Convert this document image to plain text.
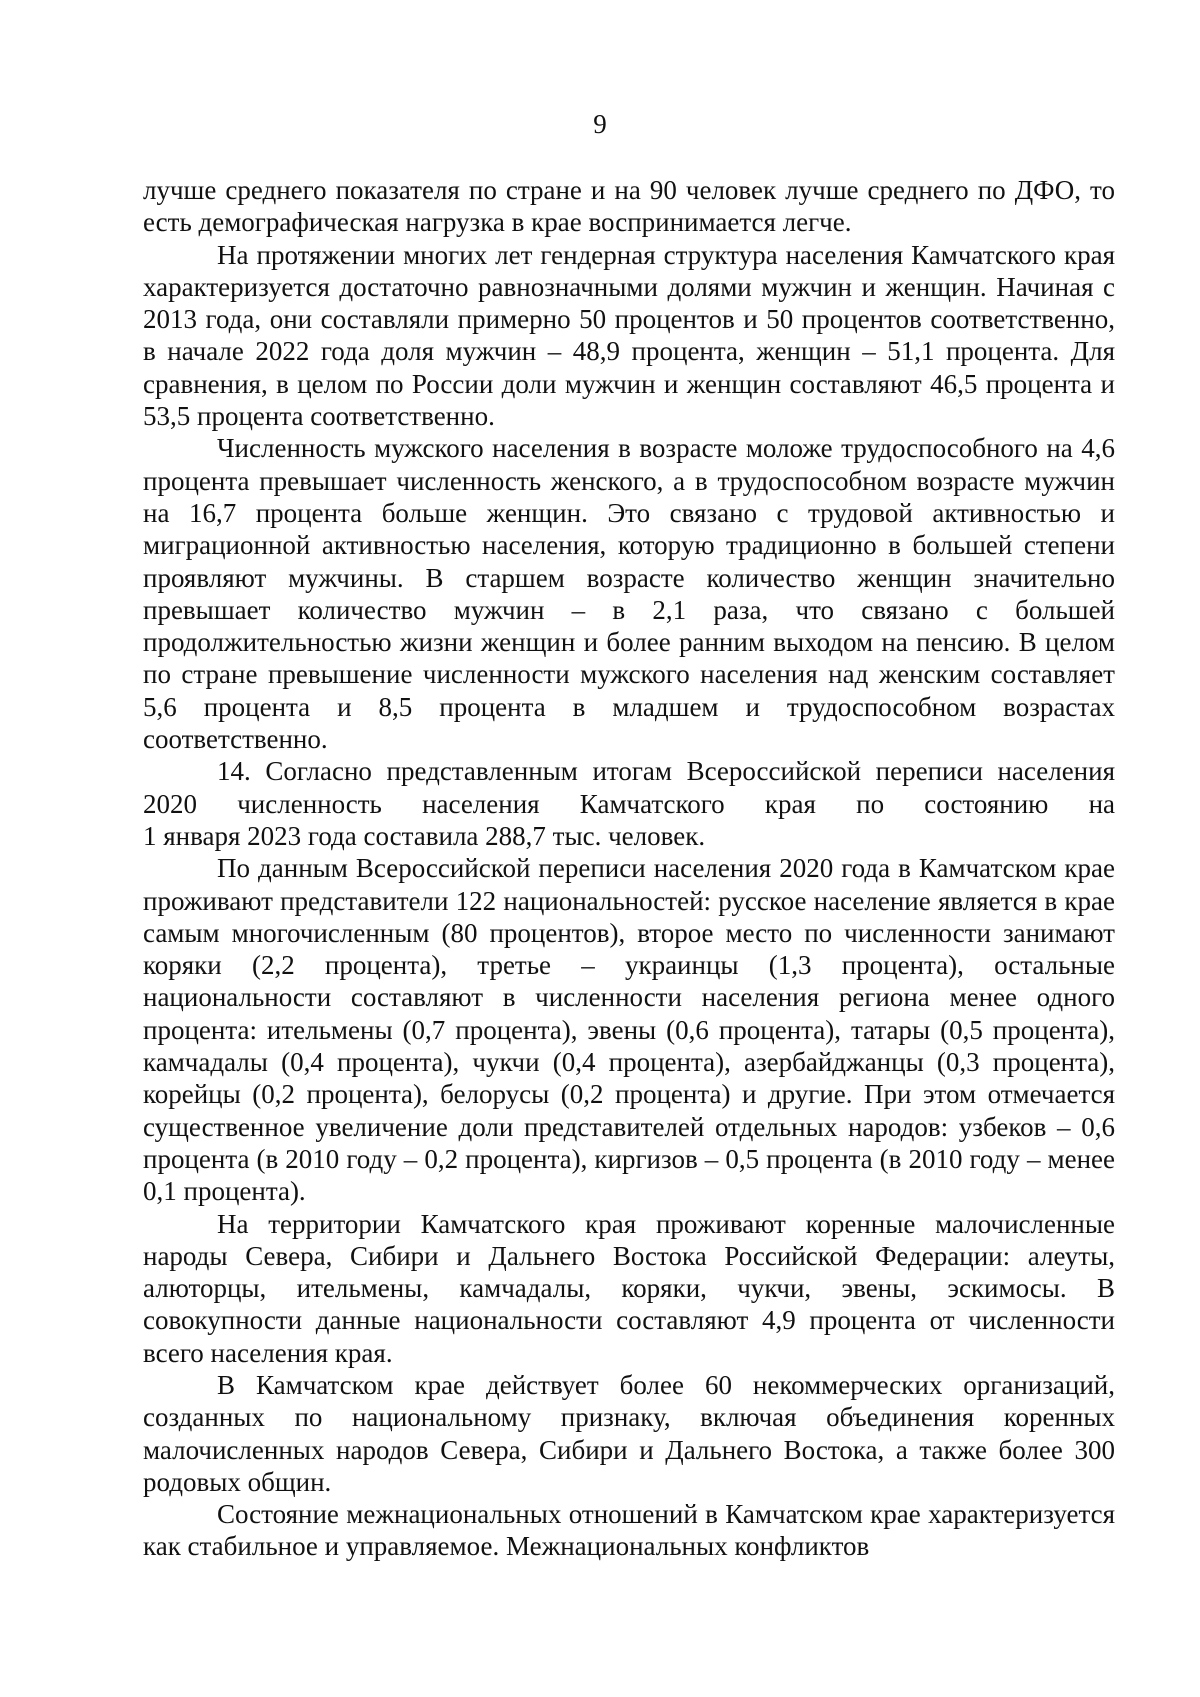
9

лучше среднего показателя по стране и на 90 человек лучше среднего по ДФО, то есть демографическая нагрузка в крае воспринимается легче.

На протяжении многих лет гендерная структура населения Камчатского края характеризуется достаточно равнозначными долями мужчин и женщин. Начиная с 2013 года, они составляли примерно 50 процентов и 50 процентов соответственно, в начале 2022 года доля мужчин – 48,9 процента, женщин – 51,1 процента. Для сравнения, в целом по России доли мужчин и женщин составляют 46,5 процента и 53,5 процента соответственно.

Численность мужского населения в возрасте моложе трудоспособного на 4,6 процента превышает численность женского, а в трудоспособном возрасте мужчин на 16,7 процента больше женщин. Это связано с трудовой активностью и миграционной активностью населения, которую традиционно в большей степени проявляют мужчины. В старшем возрасте количество женщин значительно превышает количество мужчин – в 2,1 раза, что связано с большей продолжительностью жизни женщин и более ранним выходом на пенсию. В целом по стране превышение численности мужского населения над женским составляет 5,6 процента и 8,5 процента в младшем и трудоспособном возрастах соответственно.

14. Согласно представленным итогам Всероссийской переписи населения 2020 численность населения Камчатского края по состоянию на

1 января 2023 года составила 288,7 тыс. человек.

По данным Всероссийской переписи населения 2020 года в Камчатском крае проживают представители 122 национальностей: русское население является в крае самым многочисленным (80 процентов), второе место по численности занимают коряки (2,2 процента), третье – украинцы (1,3 процента), остальные национальности составляют в численности населения региона менее одного процента: ительмены (0,7 процента), эвены (0,6 процента), татары (0,5 процента), камчадалы (0,4 процента), чукчи (0,4 процента), азербайджанцы (0,3 процента), корейцы (0,2 процента), белорусы (0,2 процента) и другие. При этом отмечается существенное увеличение доли представителей отдельных народов: узбеков – 0,6 процента (в 2010 году – 0,2 процента), киргизов – 0,5 процента (в 2010 году – менее 0,1 процента).

На территории Камчатского края проживают коренные малочисленные народы Севера, Сибири и Дальнего Востока Российской Федерации: алеуты, алюторцы, ительмены, камчадалы, коряки, чукчи, эвены, эскимосы. В совокупности данные национальности составляют 4,9 процента от численности всего населения края.

В Камчатском крае действует более 60 некоммерческих организаций, созданных по национальному признаку, включая объединения коренных малочисленных народов Севера, Сибири и Дальнего Востока, а также более 300 родовых общин.

Состояние межнациональных отношений в Камчатском крае характеризуется как стабильное и управляемое. Межнациональных конфликтов
